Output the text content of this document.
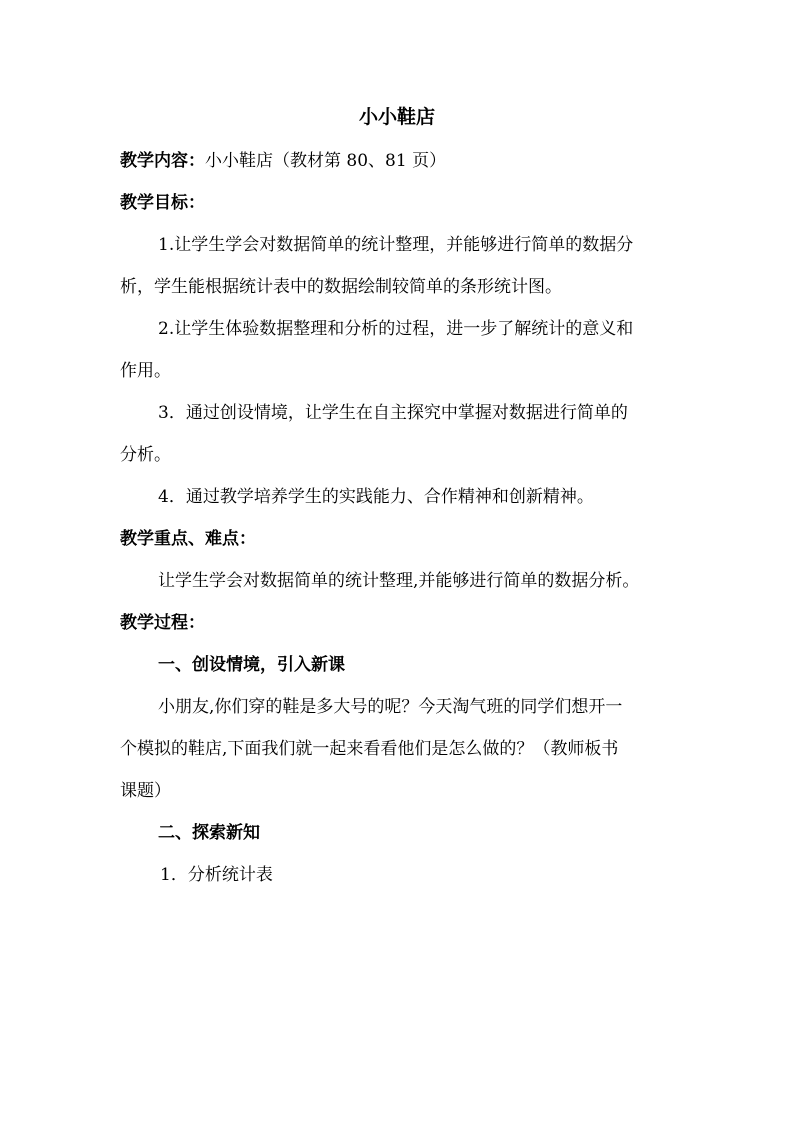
小小鞋店
教学内容：小小鞋店（教材第 80、81 页）
教学目标：
1.让学生学会对数据简单的统计整理，并能够进行简单的数据分
析，学生能根据统计表中的数据绘制较简单的条形统计图。
2.让学生体验数据整理和分析的过程，进一步了解统计的意义和
作用。
3．通过创设情境，让学生在自主探究中掌握对数据进行简单的
分析。
4．通过教学培养学生的实践能力、合作精神和创新精神。
教学重点、难点：
让学生学会对数据简单的统计整理,并能够进行简单的数据分析。
教学过程：
一、创设情境，引入新课
小朋友,你们穿的鞋是多大号的呢？今天淘气班的同学们想开一
个模拟的鞋店,下面我们就一起来看看他们是怎么做的？（教师板书
课题）
二、探索新知
1．分析统计表
